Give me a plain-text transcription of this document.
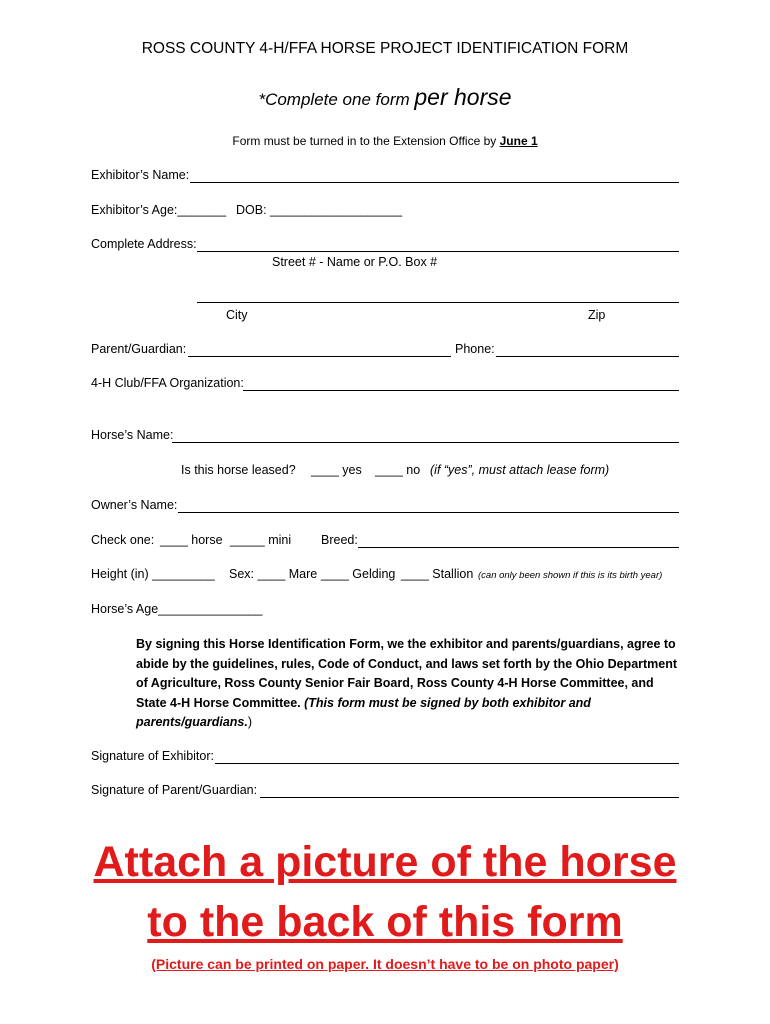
ROSS COUNTY 4-H/FFA HORSE PROJECT IDENTIFICATION FORM
*Complete one form per horse
Form must be turned in to the Extension Office by June 1
Exhibitor’s Name:
Exhibitor’s Age:_______ DOB: ___________________
Complete Address:
Street # - Name or P.O. Box #
City	Zip
Parent/Guardian:	Phone:
4-H Club/FFA Organization:
Horse’s Name:
Is this horse leased? ____ yes ____ no (if “yes”, must attach lease form)
Owner’s Name:
Check one: ____ horse _____ mini Breed:
Height (in) _________ Sex: ____ Mare ____ Gelding ____ Stallion (can only been shown if this is its birth year)
Horse’s Age_______________
By signing this Horse Identification Form, we the exhibitor and parents/guardians, agree to abide by the guidelines, rules, Code of Conduct, and laws set forth by the Ohio Department of Agriculture, Ross County Senior Fair Board, Ross County 4-H Horse Committee, and State 4-H Horse Committee. (This form must be signed by both exhibitor and parents/guardians.)
Signature of Exhibitor:
Signature of Parent/Guardian:
Attach a picture of the horse
to the back of this form
(Picture can be printed on paper. It doesn’t have to be on photo paper)
